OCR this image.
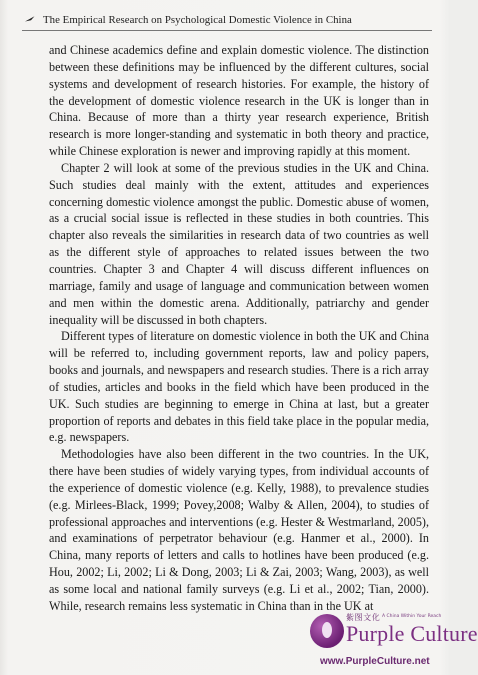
The Empirical Research on Psychological Domestic Violence in China

and Chinese academics define and explain domestic violence. The distinction between these definitions may be influenced by the different cultures, social systems and development of research histories. For example, the history of the development of domestic violence research in the UK is longer than in China. Because of more than a thirty year research experience, British research is more longer-standing and systematic in both theory and practice, while Chinese exploration is newer and improving rapidly at this moment.

Chapter 2 will look at some of the previous studies in the UK and China. Such studies deal mainly with the extent, attitudes and experiences concerning domestic violence amongst the public. Domestic abuse of women, as a crucial social issue is reflected in these studies in both countries. This chapter also reveals the similarities in research data of two countries as well as the different style of approaches to related issues between the two countries. Chapter 3 and Chapter 4 will discuss different influences on marriage, family and usage of language and communication between women and men within the domestic arena. Additionally, patriarchy and gender inequality will be discussed in both chapters.

Different types of literature on domestic violence in both the UK and China will be referred to, including government reports, law and policy papers, books and journals, and newspapers and research studies. There is a rich array of studies, articles and books in the field which have been produced in the UK. Such studies are beginning to emerge in China at last, but a greater proportion of reports and debates in this field take place in the popular media, e.g. newspapers.

Methodologies have also been different in the two countries. In the UK, there have been studies of widely varying types, from individual accounts of the experience of domestic violence (e.g. Kelly, 1988), to prevalence studies (e.g. Mirlees-Black, 1999; Povey,2008; Walby & Allen, 2004), to studies of professional approaches and interventions (e.g. Hester & Westmarland, 2005), and examinations of perpetrator behaviour (e.g. Hanmer et al., 2000). In China, many reports of letters and calls to hotlines have been produced (e.g. Hou, 2002; Li, 2002; Li & Dong, 2003; Li & Zai, 2003; Wang, 2003), as well as some local and national family surveys (e.g. Li et al., 2002; Tian, 2000). While, research remains less systematic in China than in the UK at

紫图文化 A China Within Your Reach
Purple Culture
www.PurpleCulture.net
